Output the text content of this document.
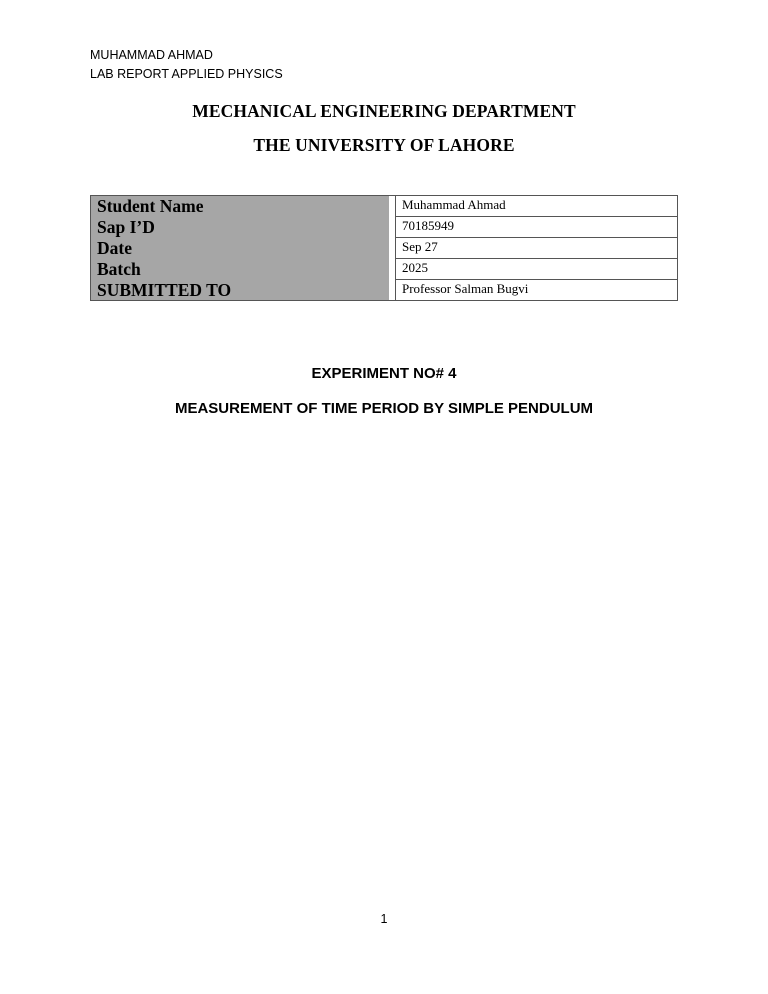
MUHAMMAD AHMAD
LAB REPORT APPLIED PHYSICS
MECHANICAL ENGINEERING DEPARTMENT
THE UNIVERSITY OF LAHORE
Student Name		Muhammad Ahmad
Sap I’D		70185949
Date		Sep 27
Batch		2025
SUBMITTED TO		Professor Salman Bugvi
EXPERIMENT NO# 4
MEASUREMENT OF TIME PERIOD BY SIMPLE PENDULUM
1
